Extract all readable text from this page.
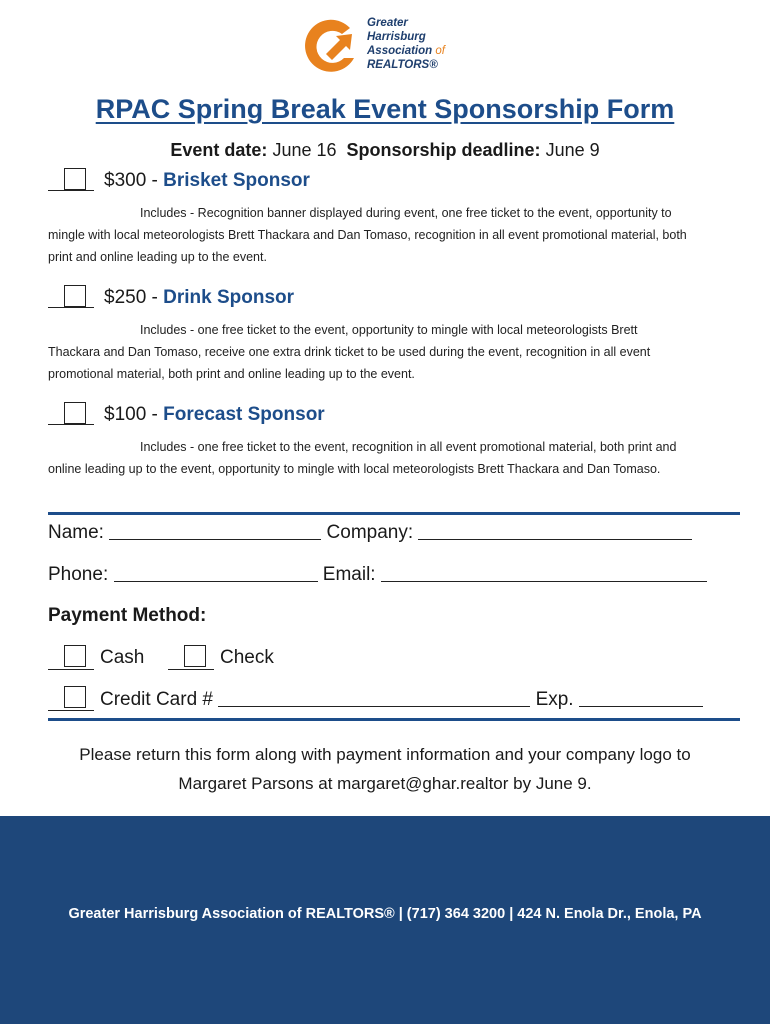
Greater
Harrisburg
Association of
REALTORS®
RPAC Spring Break Event Sponsorship Form
Event date: June 16 Sponsorship deadline: June 9
$300 - Brisket Sponsor
Includes - Recognition banner displayed during event, one free ticket to the event, opportunity to mingle with local meteorologists Brett Thackara and Dan Tomaso, recognition in all event promotional material, both print and online leading up to the event.
$250 - Drink Sponsor
Includes - one free ticket to the event, opportunity to mingle with local meteorologists Brett Thackara and Dan Tomaso, receive one extra drink ticket to be used during the event, recognition in all event promotional material, both print and online leading up to the event.
$100 - Forecast Sponsor
Includes - one free ticket to the event, recognition in all event promotional material, both print and online leading up to the event, opportunity to mingle with local meteorologists Brett Thackara and Dan Tomaso.
Name:	Company:
Phone:	Email:
Payment Method:
Cash	Check
Credit Card #	Exp.
Please return this form along with payment information and your company logo to
Margaret Parsons at margaret@ghar.realtor by June 9.
Greater Harrisburg Association of REALTORS® | (717) 364 3200 | 424 N. Enola Dr., Enola, PA
